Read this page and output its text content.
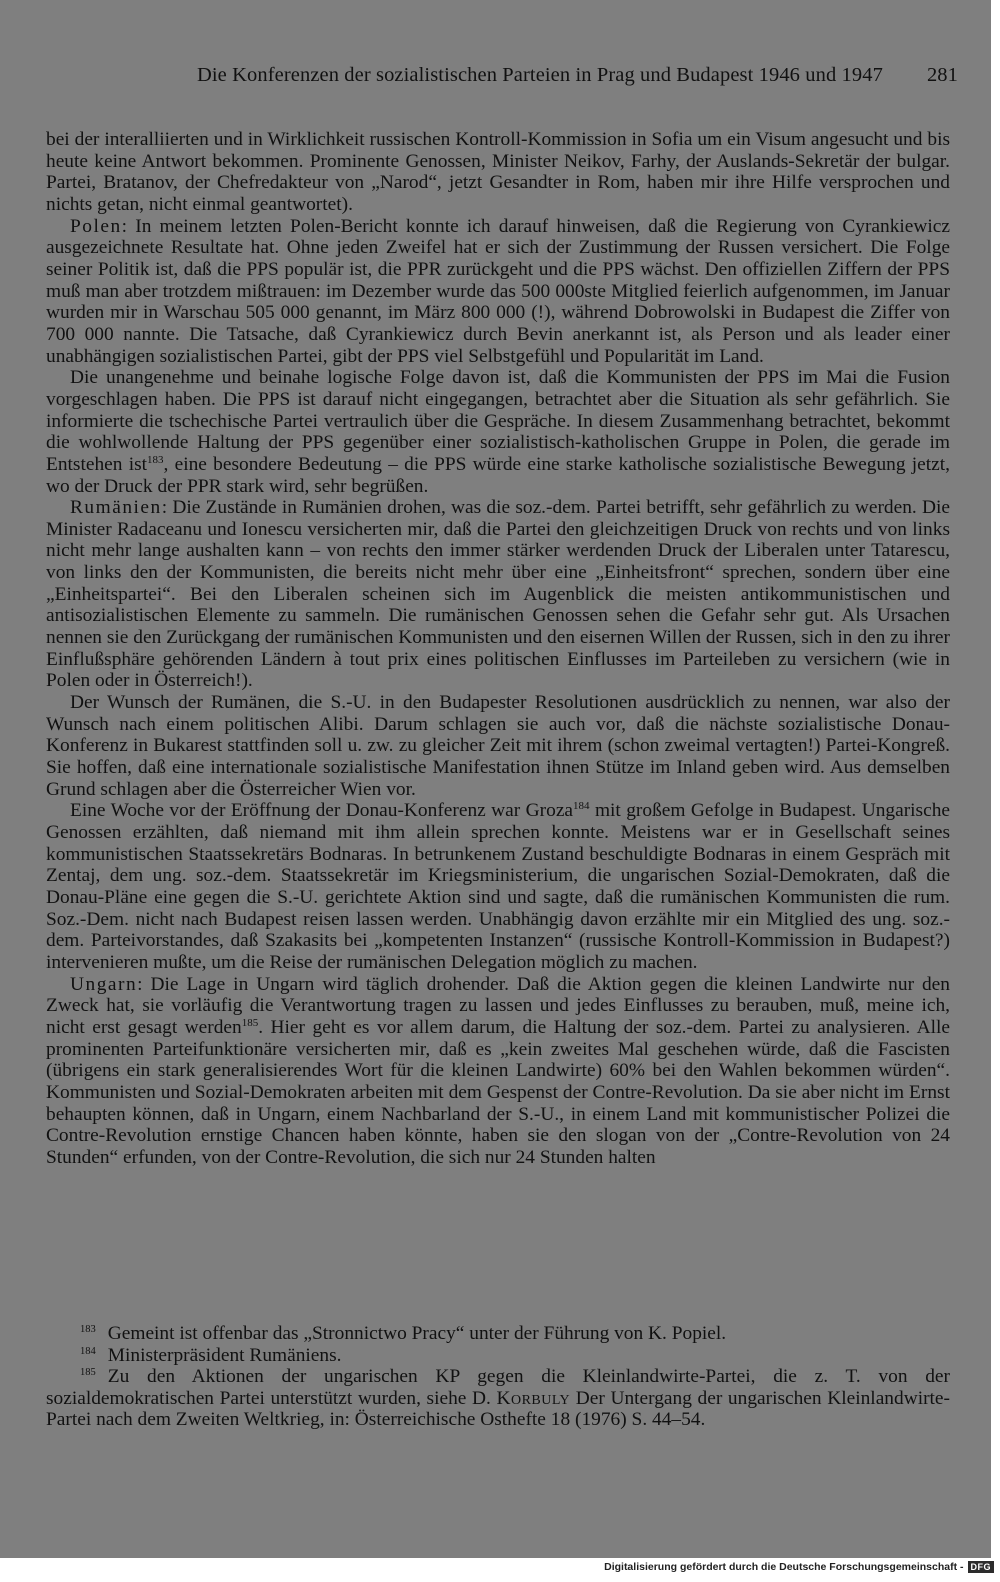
Die Konferenzen der sozialistischen Parteien in Prag und Budapest 1946 und 1947 281

bei der interalliierten und in Wirklichkeit russischen Kontroll-Kommission in Sofia um ein Visum angesucht und bis heute keine Antwort bekommen. Prominente Genossen, Minister Neikov, Farhy, der Auslands-Sekretär der bulgar. Partei, Bratanov, der Chefredakteur von „Narod“, jetzt Gesandter in Rom, haben mir ihre Hilfe versprochen und nichts getan, nicht einmal geantwortet).

Polen: In meinem letzten Polen-Bericht konnte ich darauf hinweisen, daß die Regierung von Cyrankiewicz ausgezeichnete Resultate hat. Ohne jeden Zweifel hat er sich der Zustimmung der Russen versichert. Die Folge seiner Politik ist, daß die PPS populär ist, die PPR zurückgeht und die PPS wächst. Den offiziellen Ziffern der PPS muß man aber trotzdem mißtrauen: im Dezember wurde das 500 000ste Mitglied feierlich aufgenommen, im Januar wurden mir in Warschau 505 000 genannt, im März 800 000 (!), während Dobrowolski in Budapest die Ziffer von 700 000 nannte. Die Tatsache, daß Cyrankiewicz durch Bevin anerkannt ist, als Person und als leader einer unabhängigen sozialistischen Partei, gibt der PPS viel Selbstgefühl und Popularität im Land.

Die unangenehme und beinahe logische Folge davon ist, daß die Kommunisten der PPS im Mai die Fusion vorgeschlagen haben. Die PPS ist darauf nicht eingegangen, betrachtet aber die Situation als sehr gefährlich. Sie informierte die tschechische Partei vertraulich über die Gespräche. In diesem Zusammenhang betrachtet, bekommt die wohlwollende Haltung der PPS gegenüber einer sozialistisch-katholischen Gruppe in Polen, die gerade im Entstehen ist$^{183}$, eine besondere Bedeutung – die PPS würde eine starke katholische sozialistische Bewegung jetzt, wo der Druck der PPR stark wird, sehr begrüßen.

Rumänien: Die Zustände in Rumänien drohen, was die soz.-dem. Partei betrifft, sehr gefährlich zu werden. Die Minister Radaceanu und Ionescu versicherten mir, daß die Partei den gleichzeitigen Druck von rechts und von links nicht mehr lange aushalten kann – von rechts den immer stärker werdenden Druck der Liberalen unter Tatarescu, von links den der Kommunisten, die bereits nicht mehr über eine „Einheitsfront“ sprechen, sondern über eine „Einheitspartei“. Bei den Liberalen scheinen sich im Augenblick die meisten antikommunistischen und antisozialistischen Elemente zu sammeln. Die rumänischen Genossen sehen die Gefahr sehr gut. Als Ursachen nennen sie den Zurückgang der rumänischen Kommunisten und den eisernen Willen der Russen, sich in den zu ihrer Einflußsphäre gehörenden Ländern à tout prix eines politischen Einflusses im Parteileben zu versichern (wie in Polen oder in Österreich!).

Der Wunsch der Rumänen, die S.-U. in den Budapester Resolutionen ausdrücklich zu nennen, war also der Wunsch nach einem politischen Alibi. Darum schlagen sie auch vor, daß die nächste sozialistische Donau-Konferenz in Bukarest stattfinden soll u. zw. zu gleicher Zeit mit ihrem (schon zweimal vertagten!) Partei-Kongreß. Sie hoffen, daß eine internationale sozialistische Manifestation ihnen Stütze im Inland geben wird. Aus demselben Grund schlagen aber die Österreicher Wien vor.

Eine Woche vor der Eröffnung der Donau-Konferenz war Groza$^{184}$ mit großem Gefolge in Budapest. Ungarische Genossen erzählten, daß niemand mit ihm allein sprechen konnte. Meistens war er in Gesellschaft seines kommunistischen Staatssekretärs Bodnaras. In betrunkenem Zustand beschuldigte Bodnaras in einem Gespräch mit Zentaj, dem ung. soz.-dem. Staatssekretär im Kriegsministerium, die ungarischen Sozial-Demokraten, daß die Donau-Pläne eine gegen die S.-U. gerichtete Aktion sind und sagte, daß die rumänischen Kommunisten die rum. Soz.-Dem. nicht nach Budapest reisen lassen werden. Unabhängig davon erzählte mir ein Mitglied des ung. soz.-dem. Parteivorstandes, daß Szakasits bei „kompetenten Instanzen“ (russische Kontroll-Kommission in Budapest?) intervenieren mußte, um die Reise der rumänischen Delegation möglich zu machen.

Ungarn: Die Lage in Ungarn wird täglich drohender. Daß die Aktion gegen die kleinen Landwirte nur den Zweck hat, sie vorläufig die Verantwortung tragen zu lassen und jedes Einflusses zu berauben, muß, meine ich, nicht erst gesagt werden$^{185}$. Hier geht es vor allem darum, die Haltung der soz.-dem. Partei zu analysieren. Alle prominenten Parteifunktionäre versicherten mir, daß es „kein zweites Mal geschehen würde, daß die Fascisten (übrigens ein stark generalisierendes Wort für die kleinen Landwirte) 60% bei den Wahlen bekommen würden“. Kommunisten und Sozial-Demokraten arbeiten mit dem Gespenst der Contre-Revolution. Da sie aber nicht im Ernst behaupten können, daß in Ungarn, einem Nachbarland der S.-U., in einem Land mit kommunistischer Polizei die Contre-Revolution ernstige Chancen haben könnte, haben sie den slogan von der „Contre-Revolution von 24 Stunden“ erfunden, von der Contre-Revolution, die sich nur 24 Stunden halten

$^{183}$ Gemeint ist offenbar das „Stronnictwo Pracy“ unter der Führung von K. Popiel.

$^{184}$ Ministerpräsident Rumäniens.

$^{185}$ Zu den Aktionen der ungarischen KP gegen die Kleinlandwirte-Partei, die z. T. von der sozialdemokratischen Partei unterstützt wurden, siehe D. Korbuly Der Untergang der ungarischen Kleinlandwirte-Partei nach dem Zweiten Weltkrieg, in: Österreichische Osthefte 18 (1976) S. 44–54.

Digitalisierung gefördert durch die Deutsche Forschungsgemeinschaft - DFG
